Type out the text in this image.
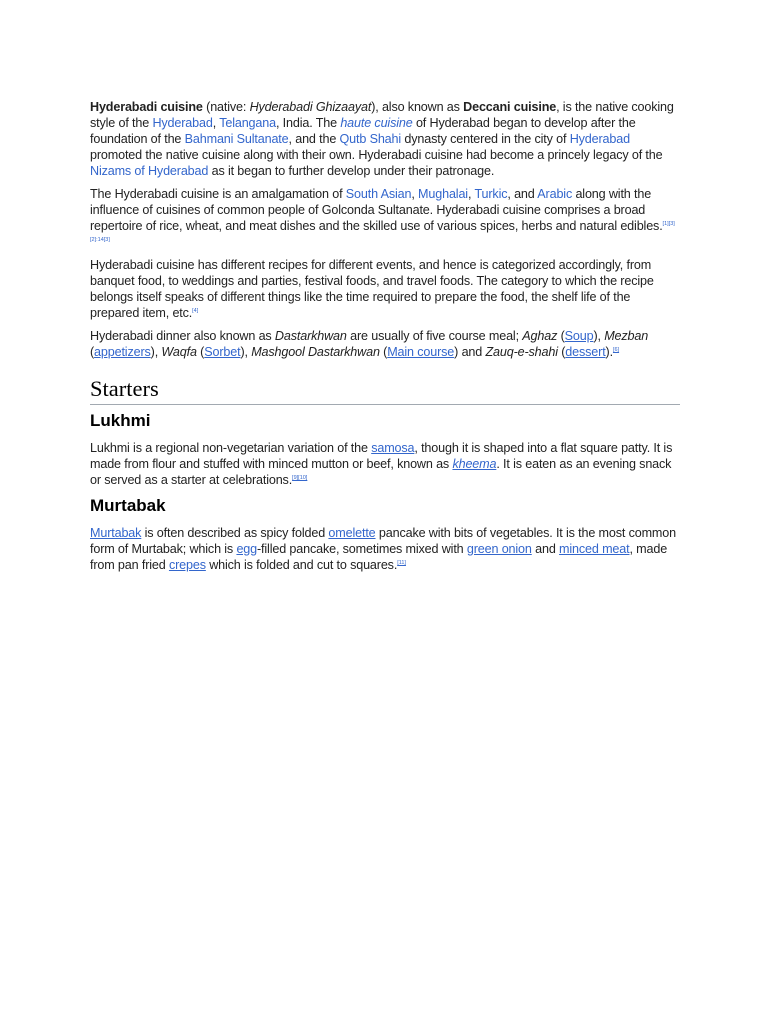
Hyderabadi cuisine (native: Hyderabadi Ghizaayat), also known as Deccani cuisine, is the native cooking style of the Hyderabad, Telangana, India. The haute cuisine of Hyderabad began to develop after the foundation of the Bahmani Sultanate, and the Qutb Shahi dynasty centered in the city of Hyderabad promoted the native cuisine along with their own. Hyderabadi cuisine had become a princely legacy of the Nizams of Hyderabad as it began to further develop under their patronage.

The Hyderabadi cuisine is an amalgamation of South Asian, Mughalai, Turkic, and Arabic along with the influence of cuisines of common people of Golconda Sultanate. Hyderabadi cuisine comprises a broad repertoire of rice, wheat, and meat dishes and the skilled use of various spices, herbs and natural edibles.[1][3][2]:14[3]

Hyderabadi cuisine has different recipes for different events, and hence is categorized accordingly, from banquet food, to weddings and parties, festival foods, and travel foods. The category to which the recipe belongs itself speaks of different things like the time required to prepare the food, the shelf life of the prepared item, etc.[4]

Hyderabadi dinner also known as Dastarkhwan are usually of five course meal; Aghaz (Soup), Mezban (appetizers), Waqfa (Sorbet), Mashgool Dastarkhwan (Main course) and Zauq-e-shahi (dessert).[6]

Starters
Lukhmi

Lukhmi is a regional non-vegetarian variation of the samosa, though it is shaped into a flat square patty. It is made from flour and stuffed with minced mutton or beef, known as kheema. It is eaten as an evening snack or served as a starter at celebrations.[9][10]

Murtabak

Murtabak is often described as spicy folded omelette pancake with bits of vegetables. It is the most common form of Murtabak; which is egg-filled pancake, sometimes mixed with green onion and minced meat, made from pan fried crepes which is folded and cut to squares.[11]
